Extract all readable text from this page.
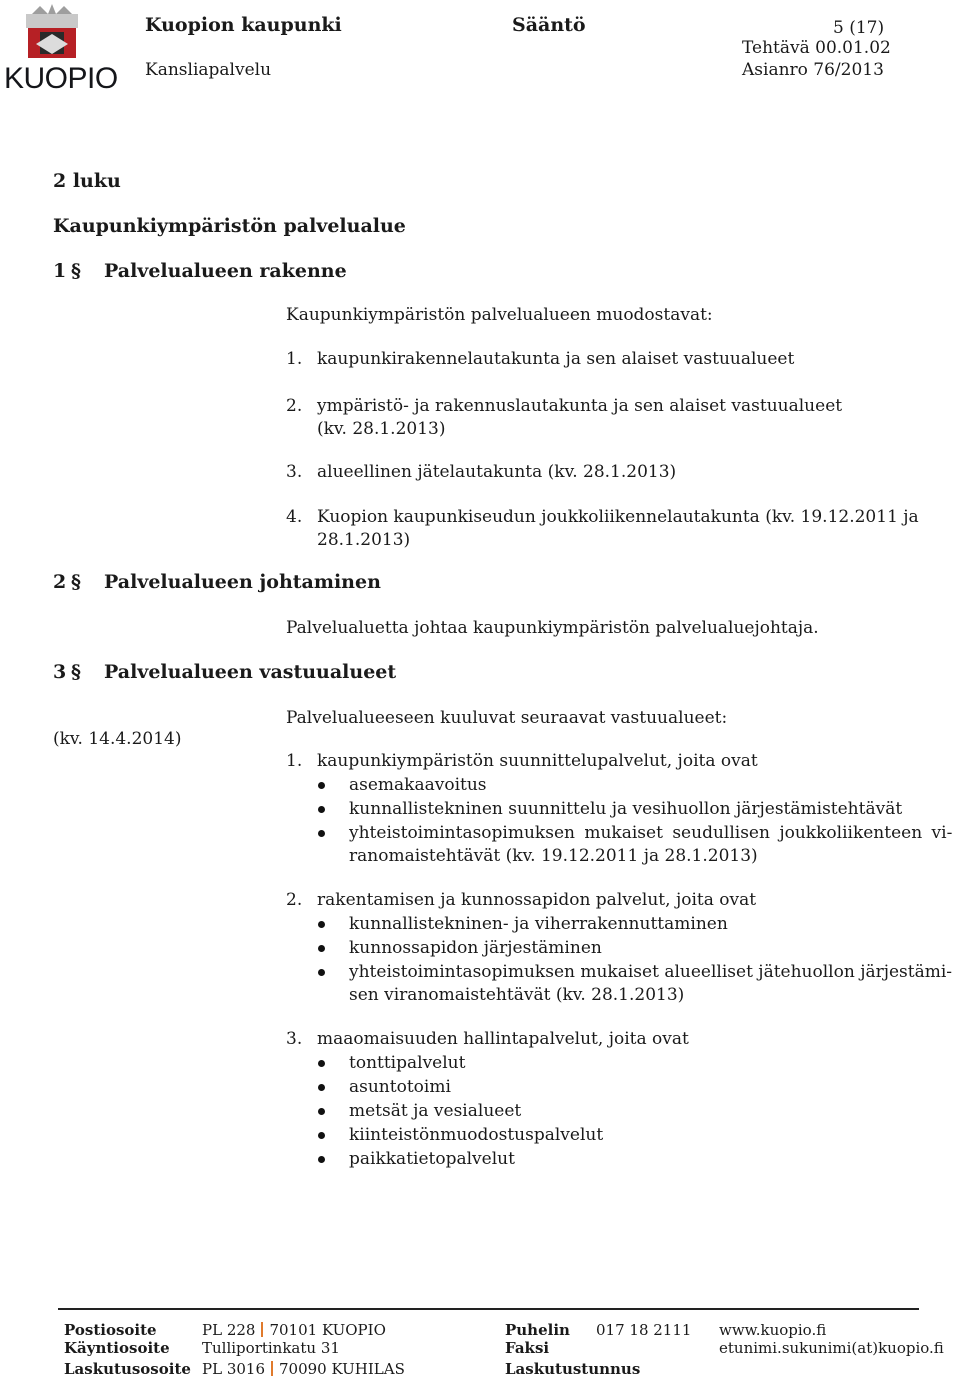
KUOPIO
Kuopion kaupunki
Kansliapalvelu
Sääntö	5 (17)
Tehtävä 00.01.02
Asianro 76/2013
2 luku
Kaupunkiympäristön palvelualue
1 § Palvelualueen rakenne
2 § Palvelualueen johtaminen
3 § Palvelualueen vastuualueet
(kv. 14.4.2014)
Kaupunkiympäristön palvelualueen muodostavat:
1. kaupunkirakennelautakunta ja sen alaiset vastuualueet
2. ympäristö- ja rakennuslautakunta ja sen alaiset vastuualueet
(kv. 28.1.2013)
3. alueellinen jätelautakunta (kv. 28.1.2013)
4. Kuopion kaupunkiseudun joukkoliikennelautakunta (kv. 19.12.2011 ja
28.1.2013)
Palvelualuetta johtaa kaupunkiympäristön palvelualuejohtaja.
Palvelualueeseen kuuluvat seuraavat vastuualueet:
1. kaupunkiympäristön suunnittelupalvelut, joita ovat
asemakaavoitus
kunnallistekninen suunnittelu ja vesihuollon järjestämistehtävät
yhteistoimintasopimuksen mukaiset seudullisen joukkoliikenteen vi-
ranomaistehtävät (kv. 19.12.2011 ja 28.1.2013)
2. rakentamisen ja kunnossapidon palvelut, joita ovat
kunnallistekninen- ja viherrakennuttaminen
kunnossapidon järjestäminen
yhteistoimintasopimuksen mukaiset alueelliset jätehuollon järjestämi-
sen viranomaistehtävät (kv. 28.1.2013)
3. maaomaisuuden hallintapalvelut, joita ovat
tonttipalvelut
asuntotoimi
metsät ja vesialueet
kiinteistönmuodostuspalvelut
paikkatietopalvelut
Postiosoite	PL 228 70101 KUOPIO	Puhelin 017 18 2111 www.kuopio.fi
Käyntiosoite Tulliportinkatu 31	Faksi	etunimi.sukunimi(at)kuopio.fi
Laskutusosoite PL 3016 70090 KUHILAS	Laskutustunnus
